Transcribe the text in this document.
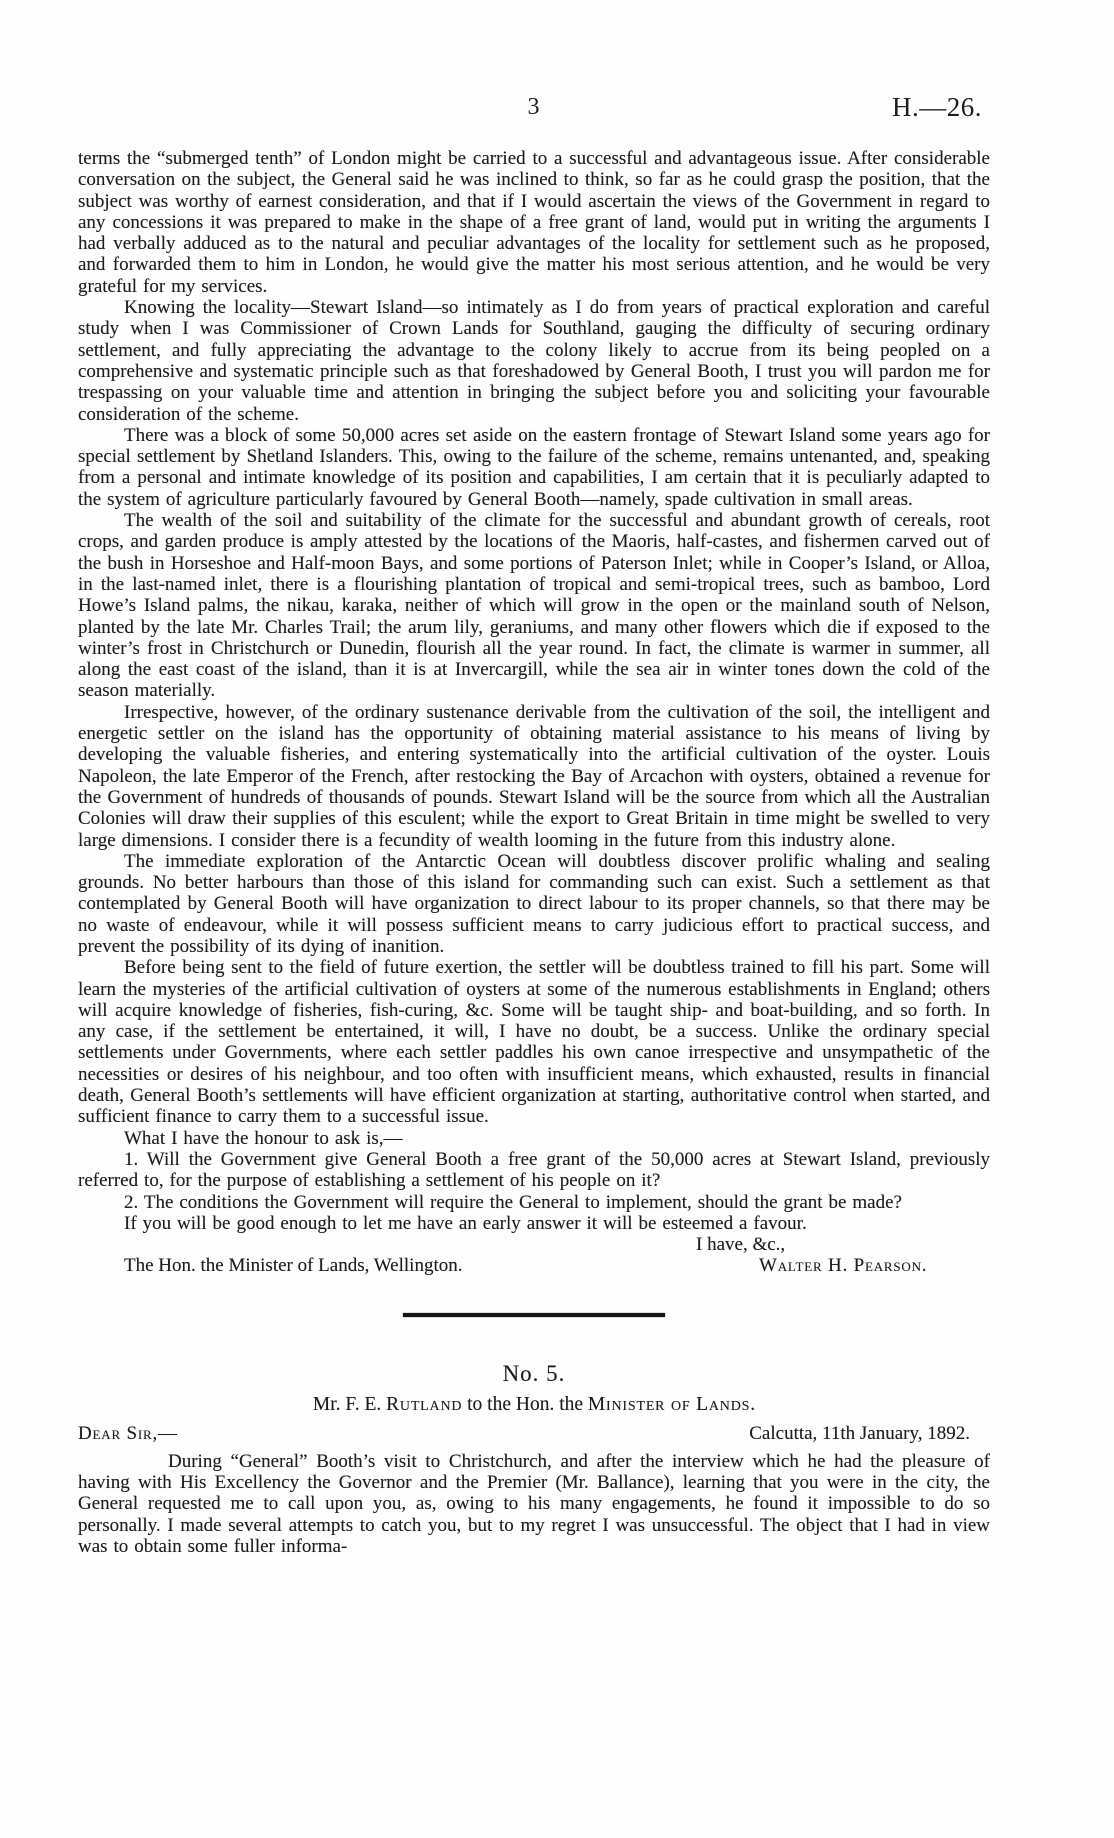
3	H.—26.

terms the “submerged tenth” of London might be carried to a successful and advantageous issue. After considerable conversation on the subject, the General said he was inclined to think, so far as he could grasp the position, that the subject was worthy of earnest consideration, and that if I would ascertain the views of the Government in regard to any concessions it was prepared to make in the shape of a free grant of land, would put in writing the arguments I had verbally adduced as to the natural and peculiar advantages of the locality for settlement such as he proposed, and forwarded them to him in London, he would give the matter his most serious attention, and he would be very grateful for my services.

Knowing the locality—Stewart Island—so intimately as I do from years of practical exploration and careful study when I was Commissioner of Crown Lands for Southland, gauging the difficulty of securing ordinary settlement, and fully appreciating the advantage to the colony likely to accrue from its being peopled on a comprehensive and systematic principle such as that foreshadowed by General Booth, I trust you will pardon me for trespassing on your valuable time and attention in bringing the subject before you and soliciting your favourable consideration of the scheme.

There was a block of some 50,000 acres set aside on the eastern frontage of Stewart Island some years ago for special settlement by Shetland Islanders. This, owing to the failure of the scheme, remains untenanted, and, speaking from a personal and intimate knowledge of its position and capabilities, I am certain that it is peculiarly adapted to the system of agriculture particularly favoured by General Booth—namely, spade cultivation in small areas.

The wealth of the soil and suitability of the climate for the successful and abundant growth of cereals, root crops, and garden produce is amply attested by the locations of the Maoris, half-castes, and fishermen carved out of the bush in Horseshoe and Half-moon Bays, and some portions of Paterson Inlet; while in Cooper’s Island, or Alloa, in the last-named inlet, there is a flourishing plantation of tropical and semi-tropical trees, such as bamboo, Lord Howe’s Island palms, the nikau, karaka, neither of which will grow in the open or the mainland south of Nelson, planted by the late Mr. Charles Trail; the arum lily, geraniums, and many other flowers which die if exposed to the winter’s frost in Christchurch or Dunedin, flourish all the year round. In fact, the climate is warmer in summer, all along the east coast of the island, than it is at Invercargill, while the sea air in winter tones down the cold of the season materially.

Irrespective, however, of the ordinary sustenance derivable from the cultivation of the soil, the intelligent and energetic settler on the island has the opportunity of obtaining material assistance to his means of living by developing the valuable fisheries, and entering systematically into the artificial cultivation of the oyster. Louis Napoleon, the late Emperor of the French, after restocking the Bay of Arcachon with oysters, obtained a revenue for the Government of hundreds of thousands of pounds. Stewart Island will be the source from which all the Australian Colonies will draw their supplies of this esculent; while the export to Great Britain in time might be swelled to very large dimensions. I consider there is a fecundity of wealth looming in the future from this industry alone.

The immediate exploration of the Antarctic Ocean will doubtless discover prolific whaling and sealing grounds. No better harbours than those of this island for commanding such can exist. Such a settlement as that contemplated by General Booth will have organization to direct labour to its proper channels, so that there may be no waste of endeavour, while it will possess sufficient means to carry judicious effort to practical success, and prevent the possibility of its dying of inanition.

Before being sent to the field of future exertion, the settler will be doubtless trained to fill his part. Some will learn the mysteries of the artificial cultivation of oysters at some of the numerous establishments in England; others will acquire knowledge of fisheries, fish-curing, &c. Some will be taught ship- and boat-building, and so forth. In any case, if the settlement be entertained, it will, I have no doubt, be a success. Unlike the ordinary special settlements under Governments, where each settler paddles his own canoe irrespective and unsympathetic of the necessities or desires of his neighbour, and too often with insufficient means, which exhausted, results in financial death, General Booth’s settlements will have efficient organization at starting, authoritative control when started, and sufficient finance to carry them to a successful issue.

What I have the honour to ask is,—

1. Will the Government give General Booth a free grant of the 50,000 acres at Stewart Island, previously referred to, for the purpose of establishing a settlement of his people on it?

2. The conditions the Government will require the General to implement, should the grant be made?

If you will be good enough to let me have an early answer it will be esteemed a favour.

I have, &c.,
The Hon. the Minister of Lands, Wellington.	Walter H. Pearson.
No. 5.
Mr. F. E. Rutland to the Hon. the Minister of Lands.
Dear Sir,—	Calcutta, 11th January, 1892.

During “General” Booth’s visit to Christchurch, and after the interview which he had the pleasure of having with His Excellency the Governor and the Premier (Mr. Ballance), learning that you were in the city, the General requested me to call upon you, as, owing to his many engagements, he found it impossible to do so personally. I made several attempts to catch you, but to my regret I was unsuccessful. The object that I had in view was to obtain some fuller informa-
